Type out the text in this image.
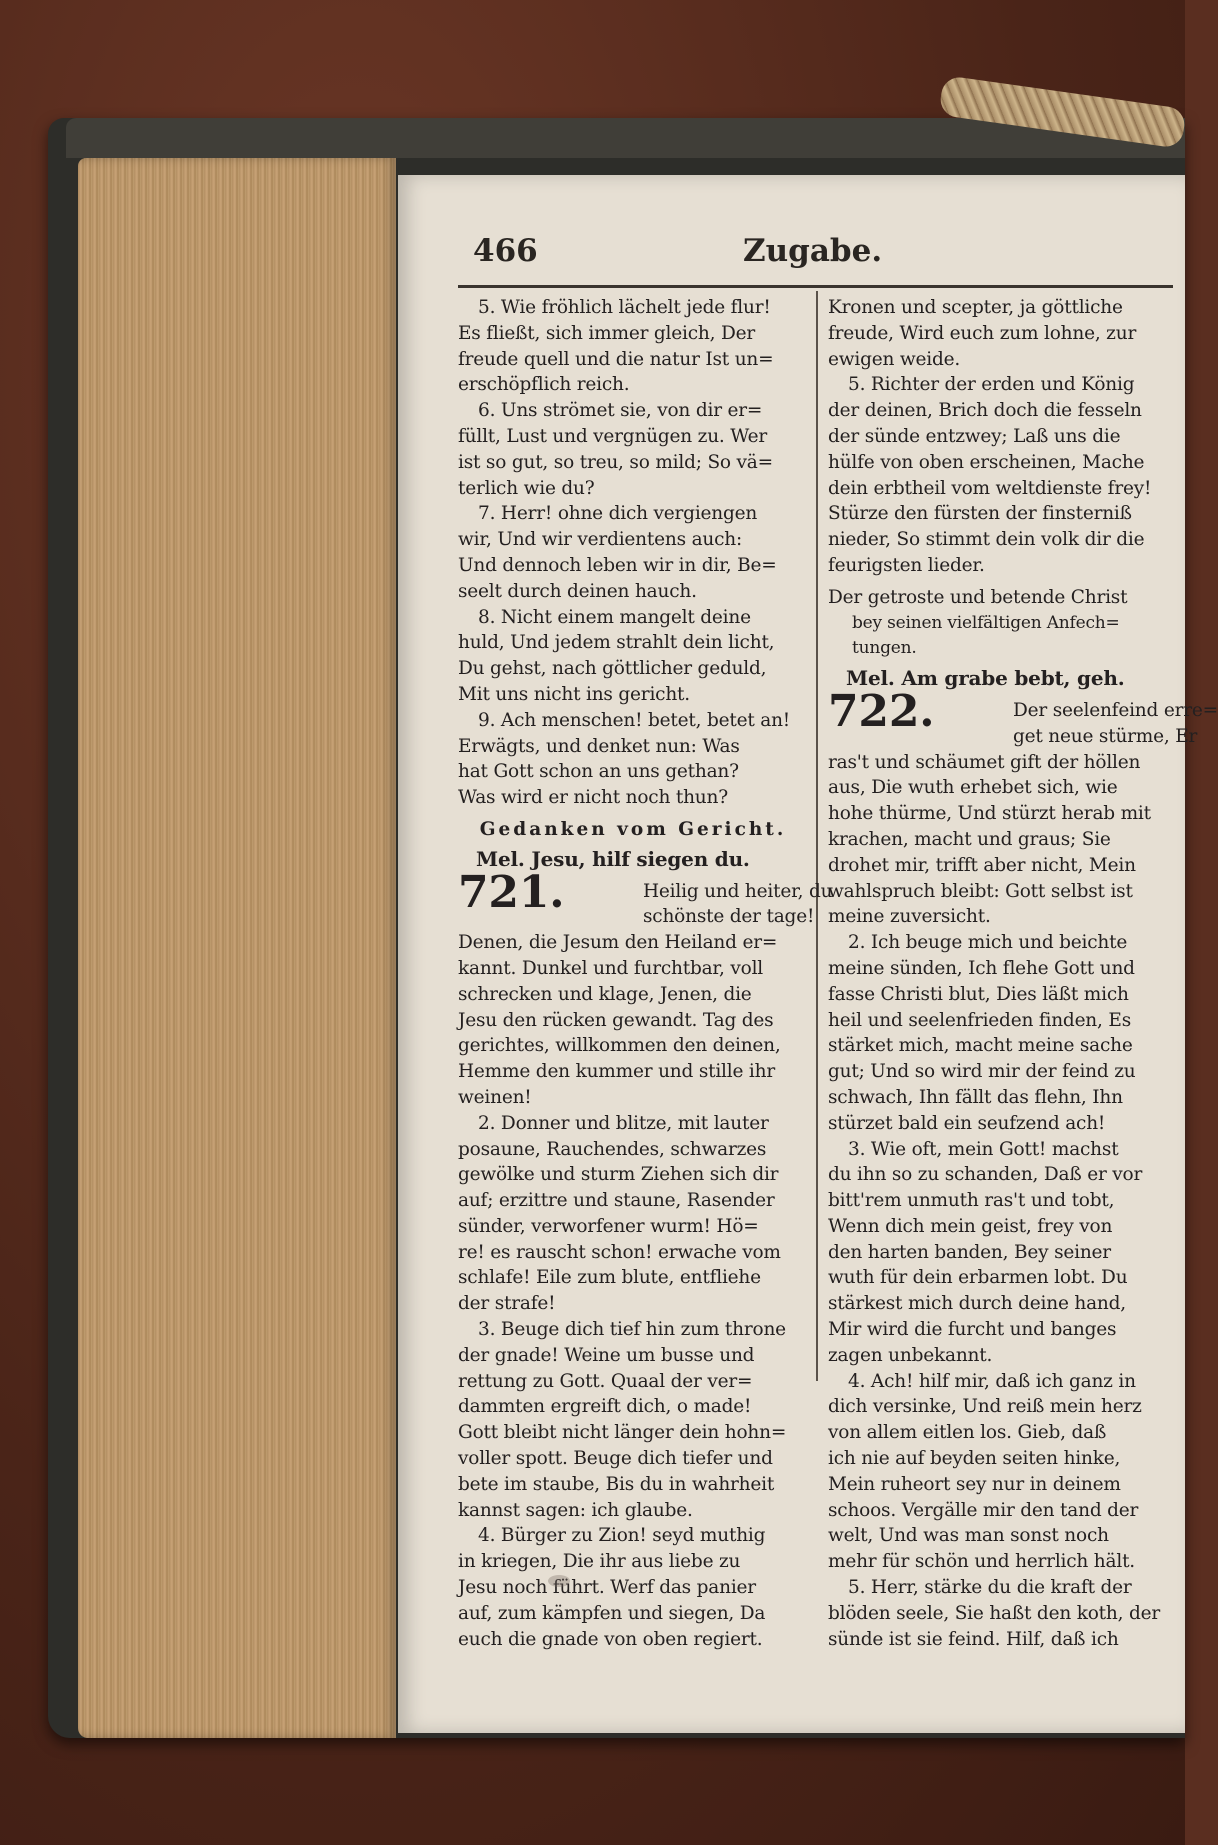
466	Zugabe.
5. Wie fröhlich lächelt jede flur!
Es fließt, sich immer gleich, Der
freude quell und die natur Ist un=
erschöpflich reich.
6. Uns strömet sie, von dir er=
füllt, Lust und vergnügen zu. Wer
ist so gut, so treu, so mild; So vä=
terlich wie du?
7. Herr! ohne dich vergiengen
wir, Und wir verdientens auch:
Und dennoch leben wir in dir, Be=
seelt durch deinen hauch.
8. Nicht einem mangelt deine
huld, Und jedem strahlt dein licht,
Du gehst, nach göttlicher geduld,
Mit uns nicht ins gericht.
9. Ach menschen! betet, betet an!
Erwägts, und denket nun: Was
hat Gott schon an uns gethan?
Was wird er nicht noch thun?
Gedanken vom Gericht.
Mel. Jesu, hilf siegen du.
721.	Heilig und heiter, du
schönste der tage!
Denen, die Jesum den Heiland er=
kannt. Dunkel und furchtbar, voll
schrecken und klage, Jenen, die
Jesu den rücken gewandt. Tag des
gerichtes, willkommen den deinen,
Hemme den kummer und stille ihr
weinen!
2. Donner und blitze, mit lauter
posaune, Rauchendes, schwarzes
gewölke und sturm Ziehen sich dir
auf; erzittre und staune, Rasender
sünder, verworfener wurm! Hö=
re! es rauscht schon! erwache vom
schlafe! Eile zum blute, entfliehe
der strafe!
3. Beuge dich tief hin zum throne
der gnade! Weine um busse und
rettung zu Gott. Quaal der ver=
dammten ergreift dich, o made!
Gott bleibt nicht länger dein hohn=
voller spott. Beuge dich tiefer und
bete im staube, Bis du in wahrheit
kannst sagen: ich glaube.
4. Bürger zu Zion! seyd muthig
in kriegen, Die ihr aus liebe zu
Jesu noch führt. Werf das panier
auf, zum kämpfen und siegen, Da
euch die gnade von oben regiert.
Kronen und scepter, ja göttliche
freude, Wird euch zum lohne, zur
ewigen weide.
5. Richter der erden und König
der deinen, Brich doch die fesseln
der sünde entzwey; Laß uns die
hülfe von oben erscheinen, Mache
dein erbtheil vom weltdienste frey!
Stürze den fürsten der finsterniß
nieder, So stimmt dein volk dir die
feurigsten lieder.
Der getroste und betende Christ
bey seinen vielfältigen Anfech=
tungen.
Mel. Am grabe bebt, geh.
722.	Der seelenfeind erre=
get neue stürme, Er
ras't und schäumet gift der höllen
aus, Die wuth erhebet sich, wie
hohe thürme, Und stürzt herab mit
krachen, macht und graus; Sie
drohet mir, trifft aber nicht, Mein
wahlspruch bleibt: Gott selbst ist
meine zuversicht.
2. Ich beuge mich und beichte
meine sünden, Ich flehe Gott und
fasse Christi blut, Dies läßt mich
heil und seelenfrieden finden, Es
stärket mich, macht meine sache
gut; Und so wird mir der feind zu
schwach, Ihn fällt das flehn, Ihn
stürzet bald ein seufzend ach!
3. Wie oft, mein Gott! machst
du ihn so zu schanden, Daß er vor
bitt'rem unmuth ras't und tobt,
Wenn dich mein geist, frey von
den harten banden, Bey seiner
wuth für dein erbarmen lobt. Du
stärkest mich durch deine hand,
Mir wird die furcht und banges
zagen unbekannt.
4. Ach! hilf mir, daß ich ganz in
dich versinke, Und reiß mein herz
von allem eitlen los. Gieb, daß
ich nie auf beyden seiten hinke,
Mein ruheort sey nur in deinem
schoos. Vergälle mir den tand der
welt, Und was man sonst noch
mehr für schön und herrlich hält.
5. Herr, stärke du die kraft der
blöden seele, Sie haßt den koth, der
sünde ist sie feind. Hilf, daß ich
